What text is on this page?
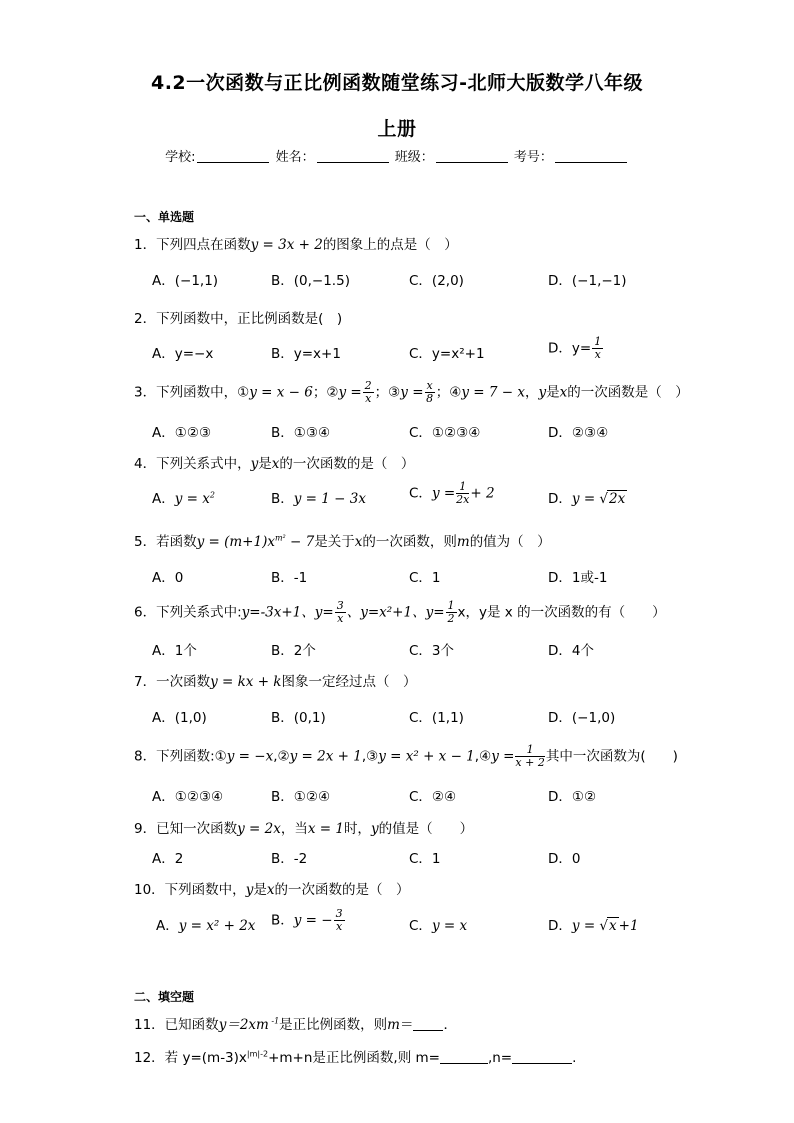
4.2一次函数与正比例函数随堂练习-北师大版数学八年级
上册
学校:	姓名：	班级：	考号：
一、单选题
1．下列四点在函数y = 3x + 2的图象上的点是（　）
A．(−1,1)	B．(0,−1.5)	C．(2,0)	D．(−1,−1)
2．下列函数中，正比例函数是(　)
A．y=−x	B．y=x+1	C．y=x²+1	D．$y= \frac{1}{x}$
3．下列函数中，①y = x − 6；②y = $\frac{2}{x}$ ；③y = $\frac{x}{8}$ ；④y = 7 − x，y是x的一次函数是（　）
A．①②③	B．①③④	C．①②③④	D．②③④
4．下列关系式中，y是x的一次函数的是（　）
A．$y = x^2$	B．y = 1 − 3x	C．$y = \frac{1}{2x} + 2$	D．y = √2x
5．若函数$y = (m+1)x^{m^2} - 7$是关于x的一次函数，则m的值为（　）
A．0	B．-1	C．1	D．1或-1
6．下列关系式中:y=-3x+1、$y= \frac{3}{x}$ 、y=x²+1、$y= \frac{1}{2}$ x，y是 x 的一次函数的有（　　）
A．1个	B．2个	C．3个	D．4个
7．一次函数y = kx + k图象一定经过点（　）
A．(1,0)	B．(0,1)	C．(1,1)	D．(−1,0)
8．下列函数:①y = −x,②y = 2x + 1,③y = x² + x − 1,④y = $\frac{1}{x + 2}$ 其中一次函数为(　　)
A．①②③④	B．①②④	C．②④	D．①②
9．已知一次函数y = 2x，当x = 1时，y的值是（　　）
A．2	B．-2	C．1	D．0
10．下列函数中，y是x的一次函数的是（　）
A．y = x² + 2x B．y = − $\frac{3}{x}$	C．y = x	D．y = √x +1
二、填空题
11．已知函数y＝2xm $^{-1}$是正比例函数，则m＝ ．
12．若 $y=(m-3)x^{|m|-2}+m+n$是正比例函数,则 m=	,n=	.
